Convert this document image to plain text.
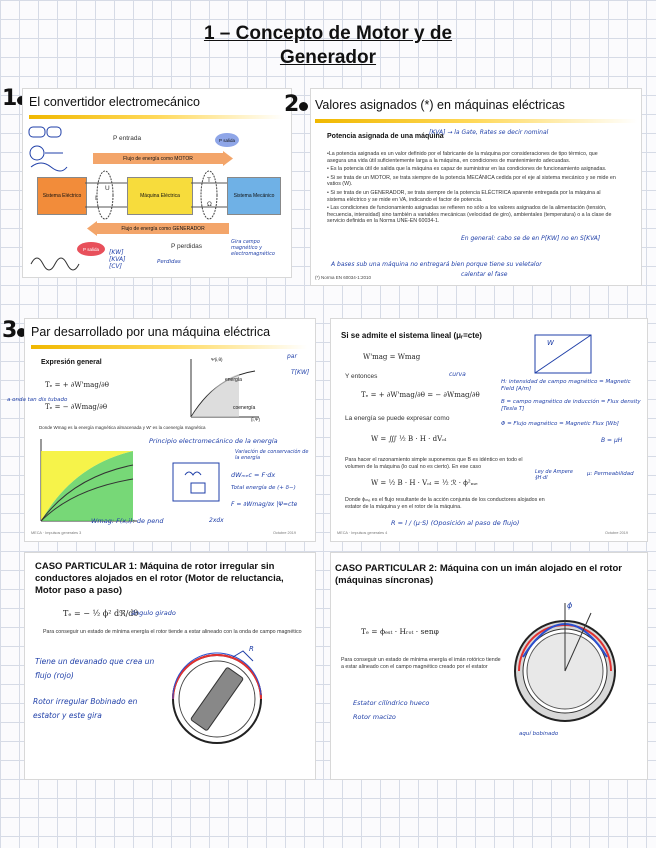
1 – Concepto de Motor y de
Generador
1 El convertidor electromecánico
P entrada	P salida
Flujo de energía como MOTOR
Sistema Eléctrico	Máquina Eléctrica	Sistema Mecánico
U
I
T
Ω
Flujo de energía como GENERADOR
P salida	P perdidas
[KW]
[KVA]
[CV]
Gira campo magnético y electromagnético
Perdidas
2	Valores asignados (*) en máquinas eléctricas
Potencia asignada de una máquina
[KVA] → la Gate, Rates se decir nominal
•La potencia asignada es un valor definido por el fabricante de la máquina por consideraciones de tipo térmico, que asegura una vida útil suficientemente larga a la máquina, en condiciones de mantenimiento adecuadas.
• Es la potencia útil de salida que la máquina es capaz de suministrar en las condiciones de funcionamiento asignadas.
• Si se trata de un MOTOR, se trata siempre de la potencia MECÁNICA cedida por el eje al sistema mecánico y se mide en vatios (W).
• Si se trata de un GENERADOR, se trata siempre de la potencia ELÉCTRICA aparente entregada por la máquina al sistema eléctrico y se mide en VA, indicando el factor de potencia.
• Las condiciones de funcionamiento asignadas se refieren no sólo a los valores asignados de la alimentación (tensión, frecuencia, intensidad) sino también a variables mecánicas (velocidad de giro), ambientales (temperatura) o a la clase de servicio definida en la Norma UNE-EN 60034-1.
En general: cabo se de en P[KW] no en S[KVA]
A bases sub una máquina no entregará bien porque tiene su veletalor
calentar el fase
(*) Norma EN 60034-1:2010
3	Par desarrollado por una máquina eléctrica
Expresión general
Tₑ = + ∂W'mag/∂θ
Tₑ = − ∂Wmag/∂θ
a onda tan dis tubado
energía
coenergía
Ψ(i,θ)
(i,Ψ)
par
T[KW]
Donde Wmag es la energía magnética almacenada y W' es la coenergía magnética
Principio electromecánico de la energía
Variación de conservación de la energía
dWₘₑc = F·dx
Total energía de (+ δ−)
F = ∂Wmag/∂x |Ψ=cte
Wmag: F(x,i): de pend	2xdx
MECA · Impulsos generales 3	Octubre 2019
Si se admite el sistema lineal (μᵣ=cte)
W'mag = Wmag
Y entonces
Tₑ = + ∂W'mag/∂θ = − ∂Wmag/∂θ
La energía se puede expresar como
W = ∭ ½ B · H · dVₒₗ
Para hacer el razonamiento simple suponemos que B es idéntico en todo el volumen de la máquina (lo cual no es cierto). En ese caso
W = ½ B · H · Vₒₗ = ½ ℛ · ϕ²ₘₑ
Donde ϕₘₑ es el flujo resultante de la acción conjunta de los conductores alojados en estator de la máquina y en el rotor de la máquina.
W
curva
H: intensidad de campo magnético = Magnetic Field [A/m]
B = campo magnético de inducción = Flux density [Tesla T]
Φ = Flujo magnético = Magnetic Flux [Wb]
B = μH
Ley de Ampere ∮H·dl
μ: Permeabilidad
R = l / (μ·S) (Oposición al paso de flujo)
MECA · Impulsos generales 4	Octubre 2019
CASO PARTICULAR 1: Máquina de rotor irregular sin conductores alojados en el rotor (Motor de reluctancia, Motor paso a paso)
Tₑ = − ½ ϕ² dℜ/dθ
ángulo girado
Para conseguir un estado de mínima energía el rotor tiende a estar alineado con la onda de campo magnético
Tiene un devanado que crea un flujo (rojo)
Rotor irregular Bobinado en estator y este gira
R
CASO PARTICULAR 2: Máquina con un imán alojado en el rotor (máquinas síncronas)
Tₑ = ϕₑₛₜ · Hᵣₒₜ · senφ
Para conseguir un estado de mínima energía el imán rotórico tiende a estar alineado con el campo magnético creado por el estator
Estator cilíndrico hueco
Rotor macizo
ϕ
aquí bobinado
